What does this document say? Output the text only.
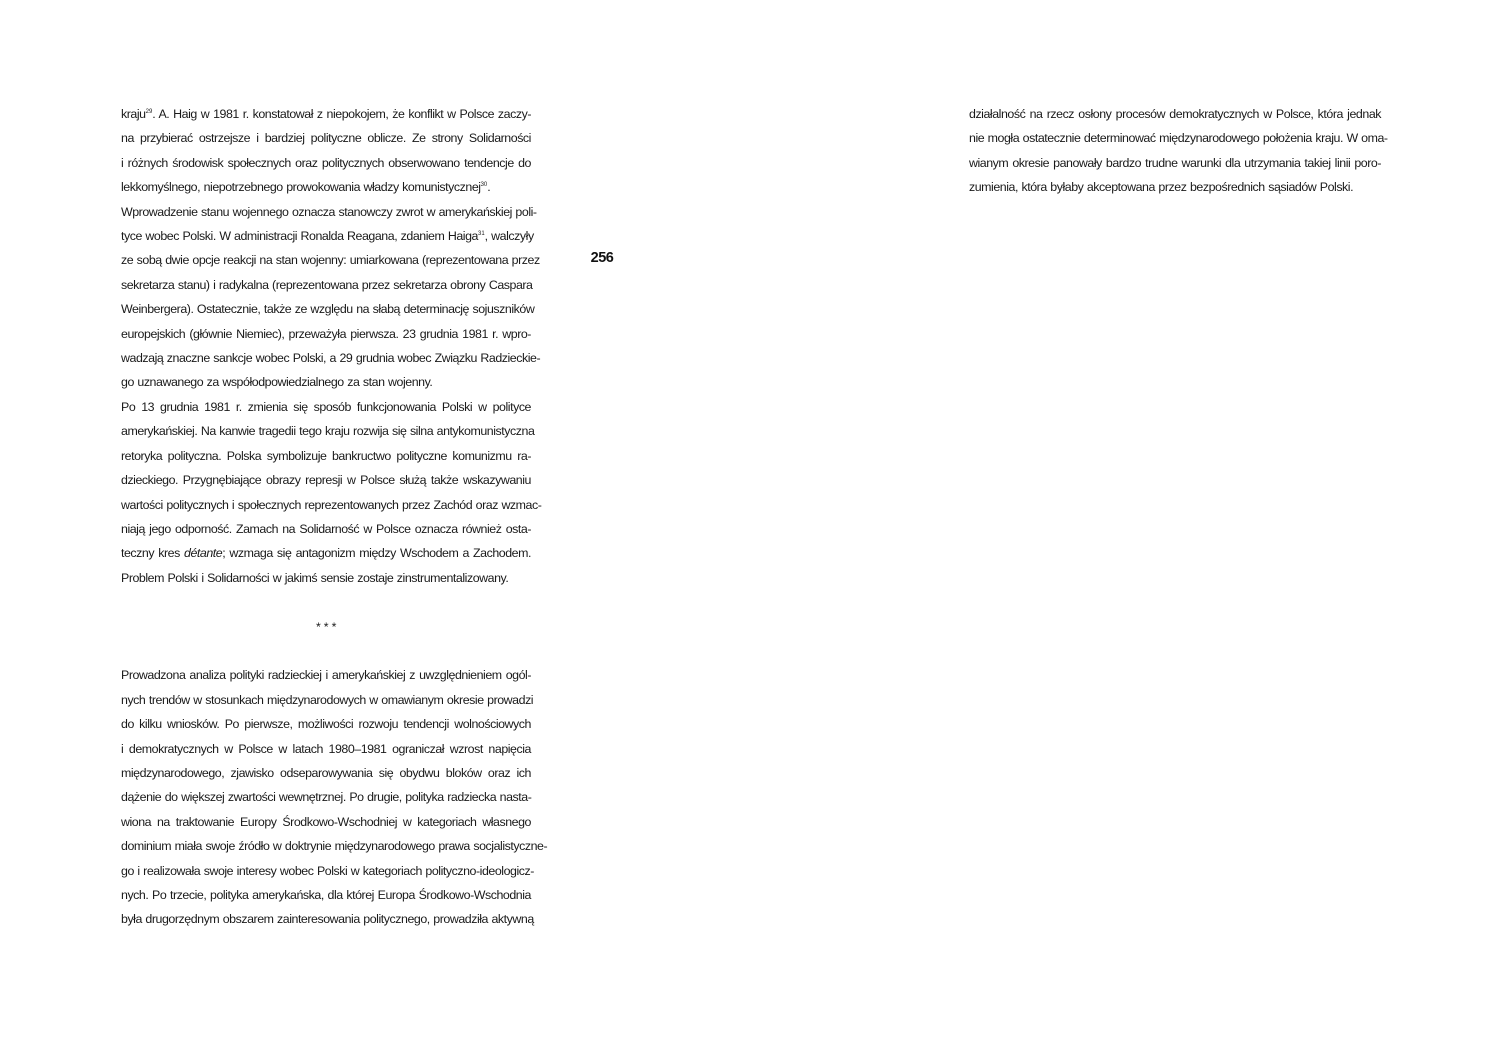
kraju$^{29}$. A. Haig w 1981 r. konstatował z niepokojem, że konflikt w Polsce zaczy-
na przybierać ostrzejsze i bardziej polityczne oblicze. Ze strony Solidarności
i różnych środowisk społecznych oraz politycznych obserwowano tendencje do
lekkomyślnego, niepotrzebnego prowokowania władzy komunistycznej$^{30}$.
Wprowadzenie stanu wojennego oznacza stanowczy zwrot w amerykańskiej poli-
tyce wobec Polski. W administracji Ronalda Reagana, zdaniem Haiga$^{31}$, walczyły
ze sobą dwie opcje reakcji na stan wojenny: umiarkowana (reprezentowana przez
sekretarza stanu) i radykalna (reprezentowana przez sekretarza obrony Caspara
Weinbergera). Ostatecznie, także ze względu na słabą determinację sojuszników
europejskich (głównie Niemiec), przeważyła pierwsza. 23 grudnia 1981 r. wpro-
wadzają znaczne sankcje wobec Polski, a 29 grudnia wobec Związku Radzieckie-
go uznawanego za współodpowiedzialnego za stan wojenny.
Po 13 grudnia 1981 r. zmienia się sposób funkcjonowania Polski w polityce
amerykańskiej. Na kanwie tragedii tego kraju rozwija się silna antykomunistyczna
retoryka polityczna. Polska symbolizuje bankructwo polityczne komunizmu ra-
dzieckiego. Przygnębiające obrazy represji w Polsce służą także wskazywaniu
wartości politycznych i społecznych reprezentowanych przez Zachód oraz wzmac-
niają jego odporność. Zamach na Solidarność w Polsce oznacza również osta-
teczny kres détante; wzmaga się antagonizm między Wschodem a Zachodem.
Problem Polski i Solidarności w jakimś sensie zostaje zinstrumentalizowany.
* * *
Prowadzona analiza polityki radzieckiej i amerykańskiej z uwzględnieniem ogól-
nych trendów w stosunkach międzynarodowych w omawianym okresie prowadzi
do kilku wniosków. Po pierwsze, możliwości rozwoju tendencji wolnościowych
i demokratycznych w Polsce w latach 1980–1981 ograniczał wzrost napięcia
międzynarodowego, zjawisko odseparowywania się obydwu bloków oraz ich
dążenie do większej zwartości wewnętrznej. Po drugie, polityka radziecka nasta-
wiona na traktowanie Europy Środkowo-Wschodniej w kategoriach własnego
dominium miała swoje źródło w doktrynie międzynarodowego prawa socjalistyczne-
go i realizowała swoje interesy wobec Polski w kategoriach polityczno-ideologicz-
nych. Po trzecie, polityka amerykańska, dla której Europa Środkowo-Wschodnia
była drugorzędnym obszarem zainteresowania politycznego, prowadziła aktywną
256
działalność na rzecz osłony procesów demokratycznych w Polsce, która jednak
nie mogła ostatecznie determinować międzynarodowego położenia kraju. W oma-
wianym okresie panowały bardzo trudne warunki dla utrzymania takiej linii poro-
zumienia, która byłaby akceptowana przez bezpośrednich sąsiadów Polski.
